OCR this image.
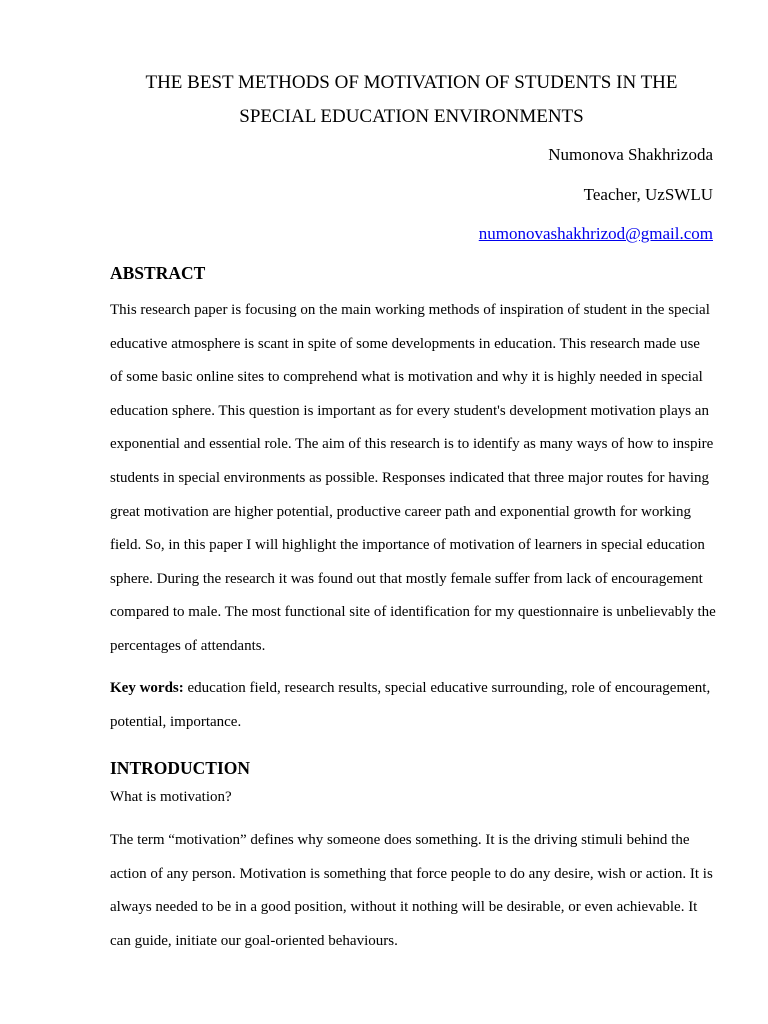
THE BEST METHODS OF MOTIVATION OF STUDENTS IN THE
SPECIAL EDUCATION ENVIRONMENTS

Numonova Shakhrizoda

Teacher, UzSWLU

numonovashakhrizod@gmail.com
ABSTRACT

This research paper is focusing on the main working methods of inspiration of student in the special educative atmosphere is scant in spite of some developments in education. This research made use of some basic online sites to comprehend what is motivation and why it is highly needed in special education sphere. This question is important as for every student's development motivation plays an exponential and essential role. The aim of this research is to identify as many ways of how to inspire students in special environments as possible. Responses indicated that three major routes for having great motivation are higher potential, productive career path and exponential growth for working field. So, in this paper I will highlight the importance of motivation of learners in special education sphere. During the research it was found out that mostly female suffer from lack of encouragement compared to male. The most functional site of identification for my questionnaire is unbelievably the percentages of attendants.

Key words: education field, research results, special educative surrounding, role of encouragement, potential, importance.

INTRODUCTION

What is motivation?

The term “motivation” defines why someone does something. It is the driving stimuli behind the action of any person. Motivation is something that force people to do any desire, wish or action. It is always needed to be in a good position, without it nothing will be desirable, or even achievable. It can guide, initiate our goal-oriented behaviours.
